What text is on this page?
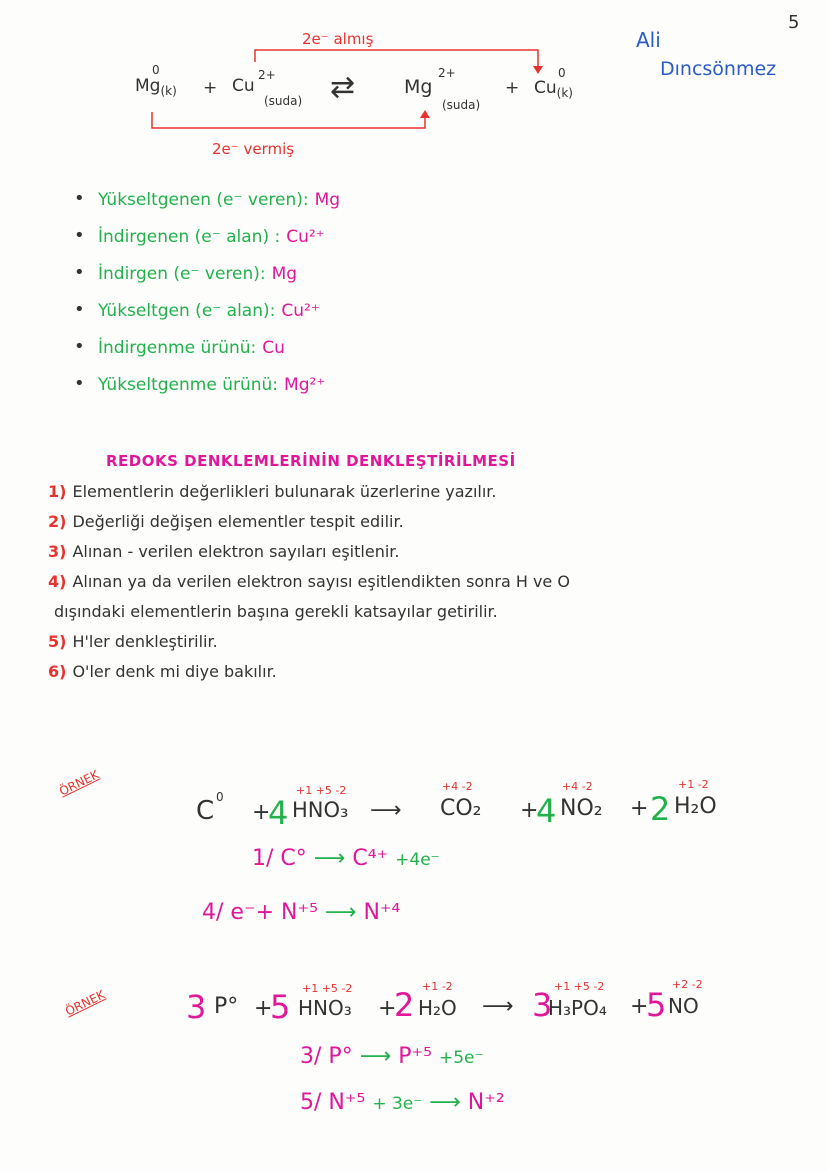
5
Ali
Dıncsönmez
2e⁻ almış
2e⁻ vermiş
$Mg_{(k)}$
0
+ Cu
2+
(suda) ⇄	Mg
2+
(suda)
+ $Cu_{(k)}$
0
• Yükseltgenen (e⁻ veren): Mg
• İndirgenen (e⁻ alan) : Cu²⁺
• İndirgen (e⁻ veren): Mg
• Yükseltgen (e⁻ alan): Cu²⁺
• İndirgenme ürünü: Cu
• Yükseltgenme ürünü: Mg²⁺
REDOKS DENKLEMLERİNİN DENKLEŞTİRİLMESİ
1) Elementlerin değerlikleri bulunarak üzerlerine yazılır.
2) Değerliği değişen elementler tespit edilir.
3) Alınan - verilen elektron sayıları eşitlenir.
4) Alınan ya da verilen elektron sayısı eşitlendikten sonra H ve O
dışındaki elementlerin başına gerekli katsayılar getirilir.
5) H'ler denkleştirilir.
6) O'ler denk mi diye bakılır.
ÖRNEK
C 0
+
4
+1 +5 -2
HNO₃ ⟶
+4 -2
CO₂ +
4
+4 -2
NO₂ + 2
+1 -2
H₂O
1/ C° ⟶ C⁴⁺ +4e⁻
4/ e⁻+ N⁺⁵ ⟶ N⁺⁴
ÖRNEK 3 P° +
5 +1 +5 -2
HNO₃ +
2 +1 -2
H₂O ⟶ 3 +1 +5 -2
H₃PO₄ +
5
+2 -2
NO
3/ P° ⟶ P⁺⁵ +5e⁻
5/ N⁺⁵ + 3e⁻ ⟶ N⁺²
